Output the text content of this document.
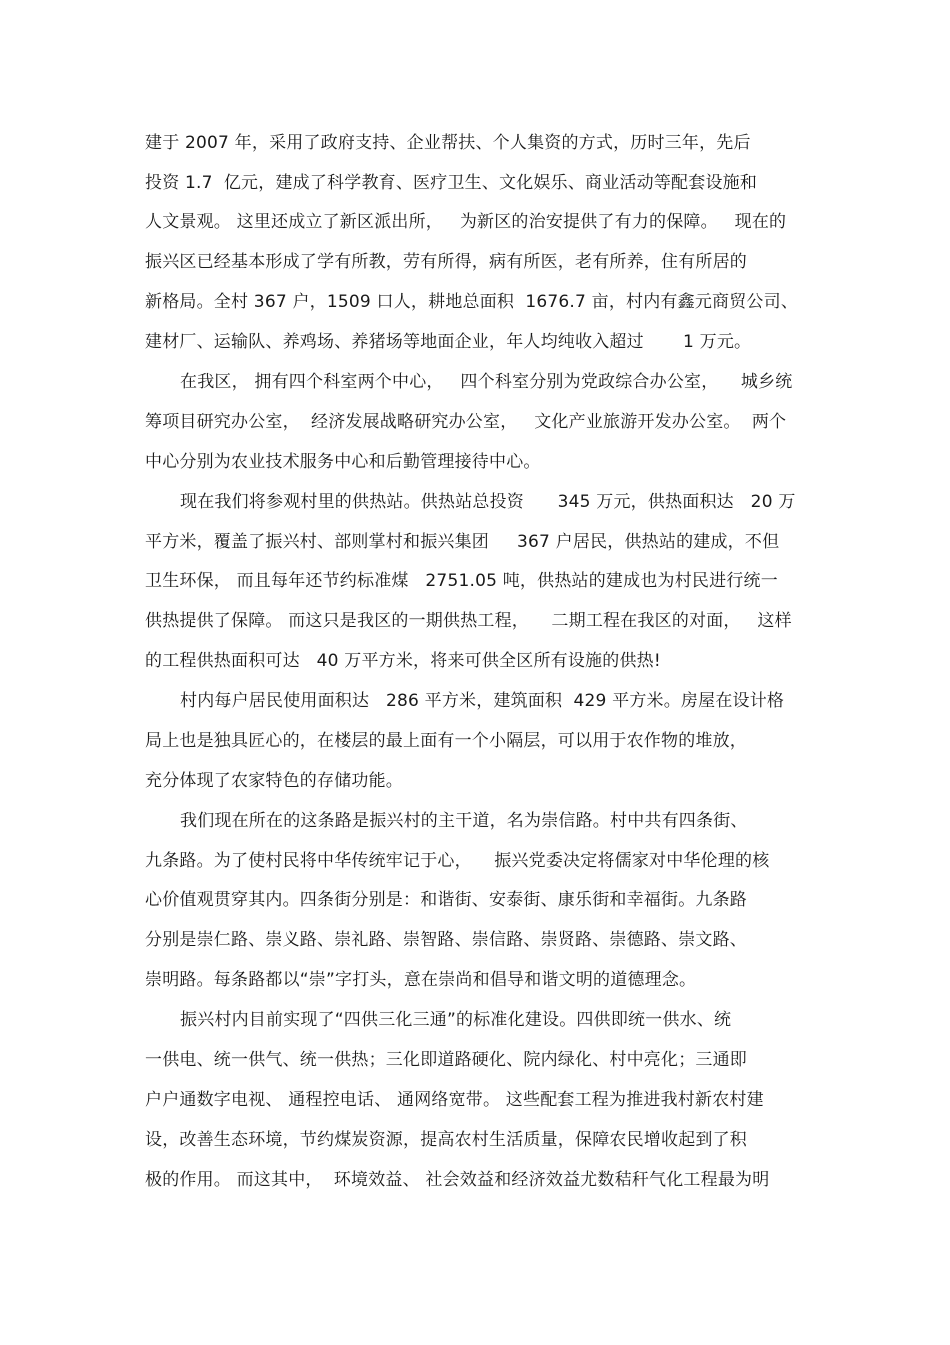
建于 2007 年，采用了政府支持、企业帮扶、个人集资的方式，历时三年，先后
投资 1.7  亿元，建成了科学教育、医疗卫生、文化娱乐、商业活动等配套设施和
人文景观。 这里还成立了新区派出所，   为新区的治安提供了有力的保障。   现在的
振兴区已经基本形成了学有所教，劳有所得，病有所医，老有所养，住有所居的
新格局。全村 367 户，1509 口人，耕地总面积  1676.7 亩，村内有鑫元商贸公司、
建材厂、运输队、养鸡场、养猪场等地面企业，年人均纯收入超过       1 万元。
在我区， 拥有四个科室两个中心，   四个科室分别为党政综合办公室，    城乡统
筹项目研究办公室，  经济发展战略研究办公室，   文化产业旅游开发办公室。  两个
中心分别为农业技术服务中心和后勤管理接待中心。
现在我们将参观村里的供热站。供热站总投资      345 万元，供热面积达   20 万
平方米，覆盖了振兴村、部则掌村和振兴集团     367 户居民，供热站的建成，不但
卫生环保， 而且每年还节约标准煤   2751.05 吨，供热站的建成也为村民进行统一
供热提供了保障。 而这只是我区的一期供热工程，    二期工程在我区的对面，   这样
的工程供热面积可达   40 万平方米，将来可供全区所有设施的供热!
村内每户居民使用面积达   286 平方米，建筑面积  429 平方米。房屋在设计格
局上也是独具匠心的，在楼层的最上面有一个小隔层，可以用于农作物的堆放，
充分体现了农家特色的存储功能。
我们现在所在的这条路是振兴村的主干道，名为崇信路。村中共有四条街、
九条路。为了使村民将中华传统牢记于心，    振兴党委决定将儒家对中华伦理的核
心价值观贯穿其内。四条街分别是：和谐街、安泰街、康乐街和幸福街。九条路
分别是崇仁路、崇义路、崇礼路、崇智路、崇信路、崇贤路、崇德路、崇文路、
崇明路。每条路都以“崇”字打头，意在崇尚和倡导和谐文明的道德理念。
振兴村内目前实现了“四供三化三通”的标准化建设。四供即统一供水、统
一供电、统一供气、统一供热；三化即道路硬化、院内绿化、村中亮化；三通即
户户通数字电视、 通程控电话、 通网络宽带。 这些配套工程为推进我村新农村建
设，改善生态环境，节约煤炭资源，提高农村生活质量，保障农民增收起到了积
极的作用。 而这其中，  环境效益、 社会效益和经济效益尤数秸秆气化工程最为明
